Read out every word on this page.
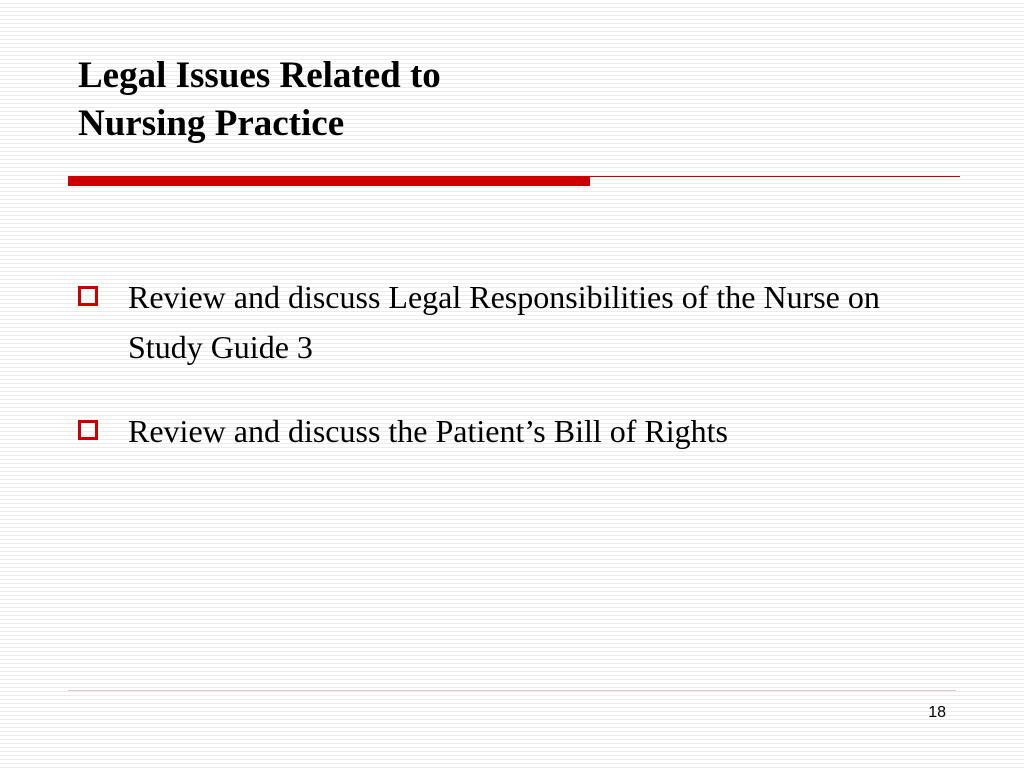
Legal Issues Related to
Nursing Practice
Review and discuss Legal Responsibilities of the Nurse on Study Guide 3
Review and discuss the Patient’s Bill of Rights
18
